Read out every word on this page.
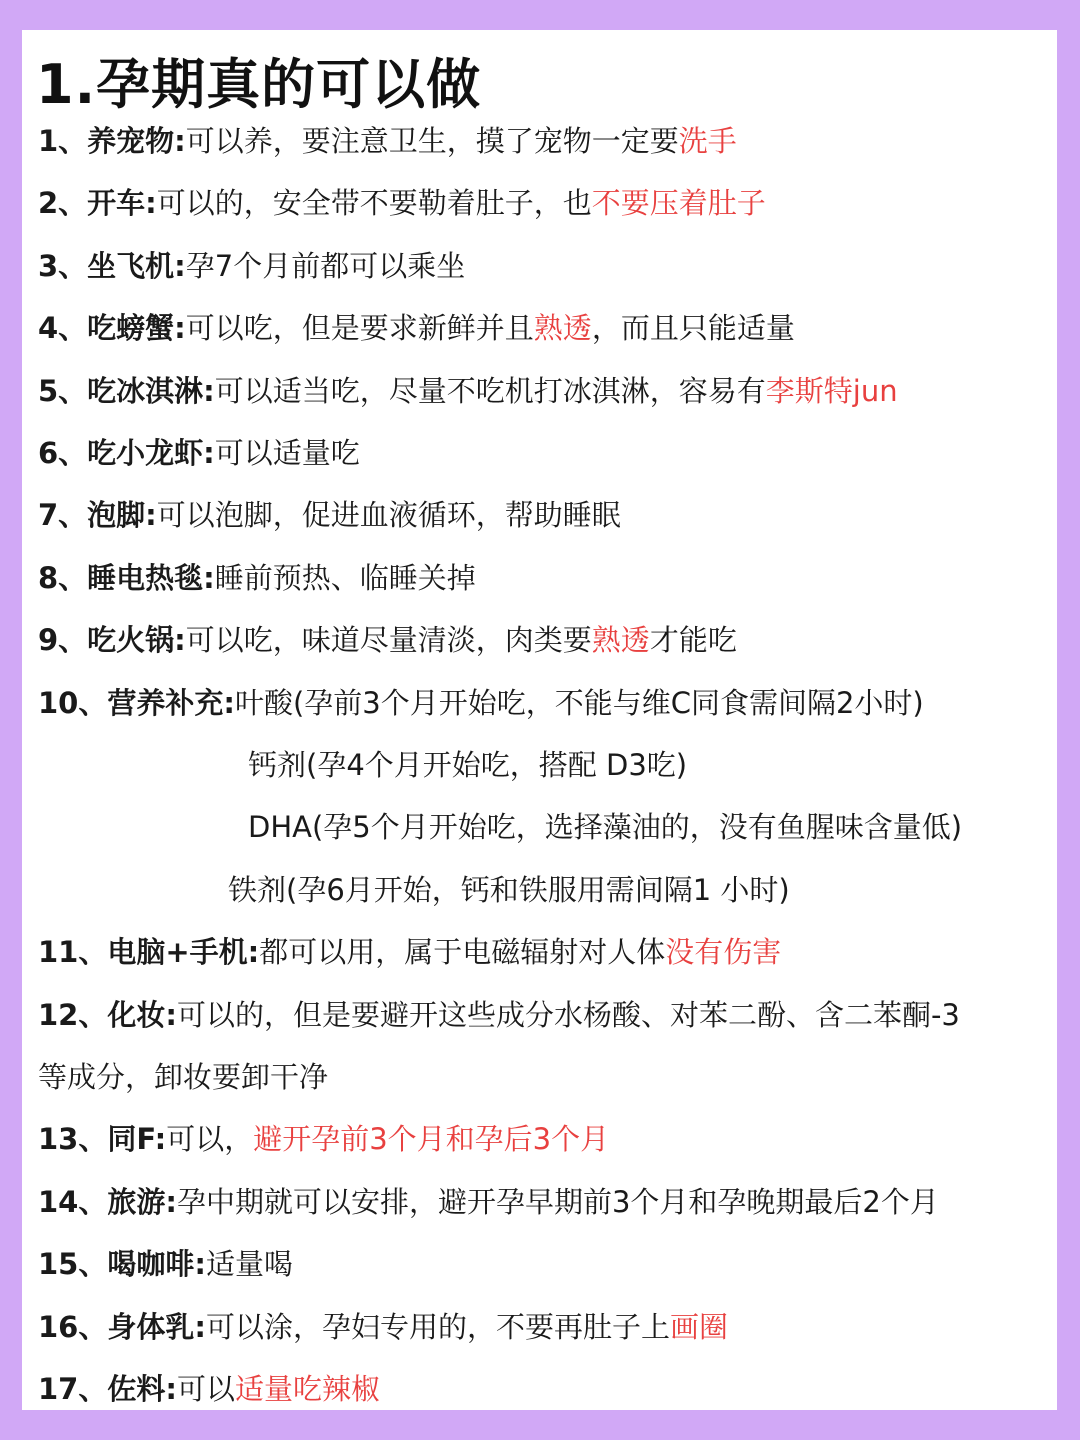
1.孕期真的可以做
1、养宠物:可以养，要注意卫生，摸了宠物一定要洗手
2、开车:可以的，安全带不要勒着肚子，也不要压着肚子
3、坐飞机:孕7个月前都可以乘坐
4、吃螃蟹:可以吃，但是要求新鲜并且熟透，而且只能适量
5、吃冰淇淋:可以适当吃，尽量不吃机打冰淇淋，容易有李斯特jun
6、吃小龙虾:可以适量吃
7、泡脚:可以泡脚，促进血液循环，帮助睡眠
8、睡电热毯:睡前预热、临睡关掉
9、吃火锅:可以吃，味道尽量清淡，肉类要熟透才能吃
10、营养补充:叶酸(孕前3个月开始吃，不能与维C同食需间隔2小时)
钙剂(孕4个月开始吃，搭配 D3吃)
DHA(孕5个月开始吃，选择藻油的，没有鱼腥味含量低)
铁剂(孕6月开始，钙和铁服用需间隔1 小时)
11、电脑+手机:都可以用，属于电磁辐射对人体没有伤害
12、化妆:可以的，但是要避开这些成分水杨酸、对苯二酚、含二苯酮-3
等成分，卸妆要卸干净
13、同F:可以，避开孕前3个月和孕后3个月
14、旅游:孕中期就可以安排，避开孕早期前3个月和孕晚期最后2个月
15、喝咖啡:适量喝
16、身体乳:可以涂，孕妇专用的，不要再肚子上画圈
17、佐料:可以适量吃辣椒
